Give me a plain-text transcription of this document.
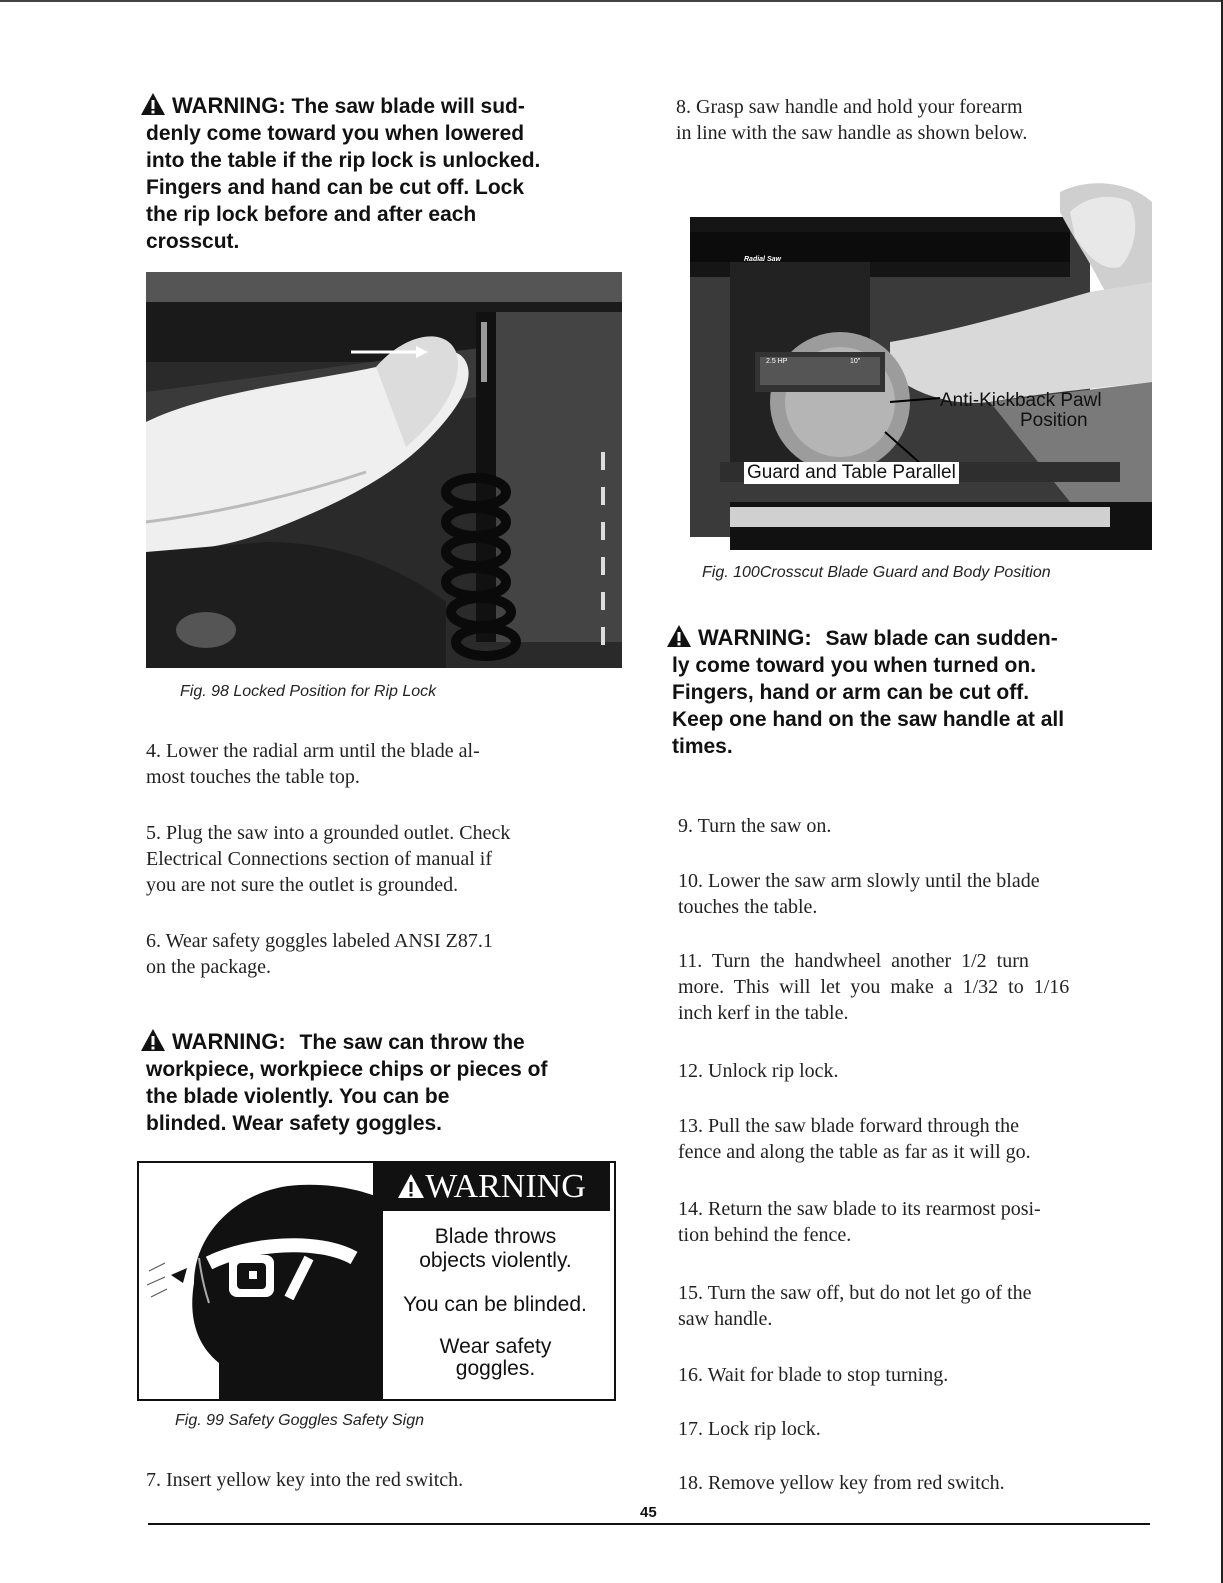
WARNING: The saw blade will sud-
denly come toward you when lowered
into the table if the rip lock is unlocked.
Fingers and hand can be cut off. Lock
the rip lock before and after each
crosscut.
Fig. 98 Locked Position for Rip Lock
4. Lower the radial arm until the blade al-
most touches the table top.
5. Plug the saw into a grounded outlet. Check
Electrical Connections section of manual if
you are not sure the outlet is grounded.
6. Wear safety goggles labeled ANSI Z87.1
on the package.
WARNING: The saw can throw the
workpiece, workpiece chips or pieces of
the blade violently. You can be
blinded. Wear safety goggles.
WARNING
Blade throws
objects violently.
You can be blinded.
Wear safety
goggles.
Fig. 99 Safety Goggles Safety Sign
7. Insert yellow key into the red switch.
8. Grasp saw handle and hold your forearm
in line with the saw handle as shown below.
Radial Saw
2.5 HP	10"
Anti-Kickback Pawl
Position
Guard and Table Parallel
Fig. 100Crosscut Blade Guard and Body Position
WARNING: Saw blade can sudden-
ly come toward you when turned on.
Fingers, hand or arm can be cut off.
Keep one hand on the saw handle at all
times.
9. Turn the saw on.
10. Lower the saw arm slowly until the blade
touches the table.
11.  Turn  the  handwheel  another  1/2  turn
more.  This  will  let  you  make  a  1/32  to  1/16
inch kerf in the table.
12. Unlock rip lock.
13. Pull the saw blade forward through the
fence and along the table as far as it will go.
14. Return the saw blade to its rearmost posi-
tion behind the fence.
15. Turn the saw off, but do not let go of the
saw handle.
16. Wait for blade to stop turning.
17. Lock rip lock.
18. Remove yellow key from red switch.
45
